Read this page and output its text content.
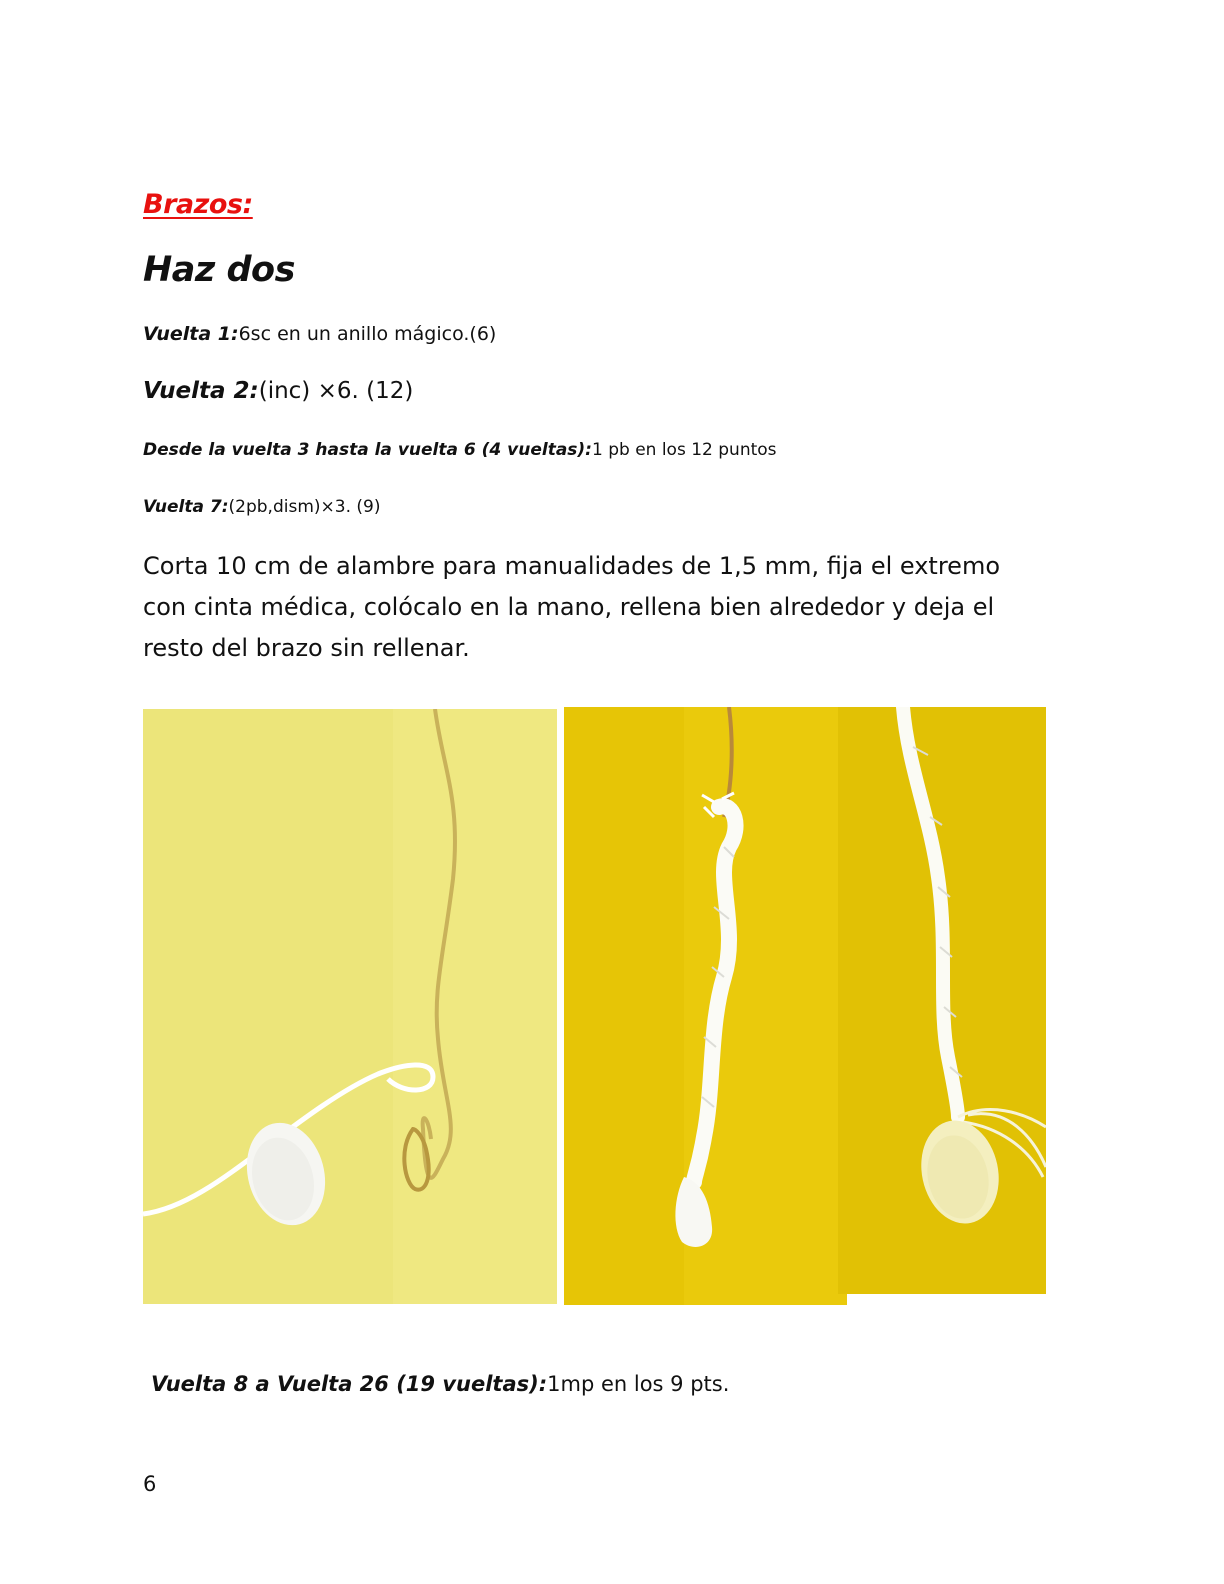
Brazos:
Haz dos

Vuelta 1:6sc en un anillo mágico.(6)

Vuelta 2:(inc) ×6. (12)

Desde la vuelta 3 hasta la vuelta 6 (4 vueltas):1 pb en los 12 puntos

Vuelta 7:(2pb,dism)×3. (9)

Corta 10 cm de alambre para manualidades de 1,5 mm, fija el extremo con cinta médica, colócalo en la mano, rellena bien alrededor y deja el resto del brazo sin rellenar.

Vuelta 8 a Vuelta 26 (19 vueltas):1mp en los 9 pts.

6
